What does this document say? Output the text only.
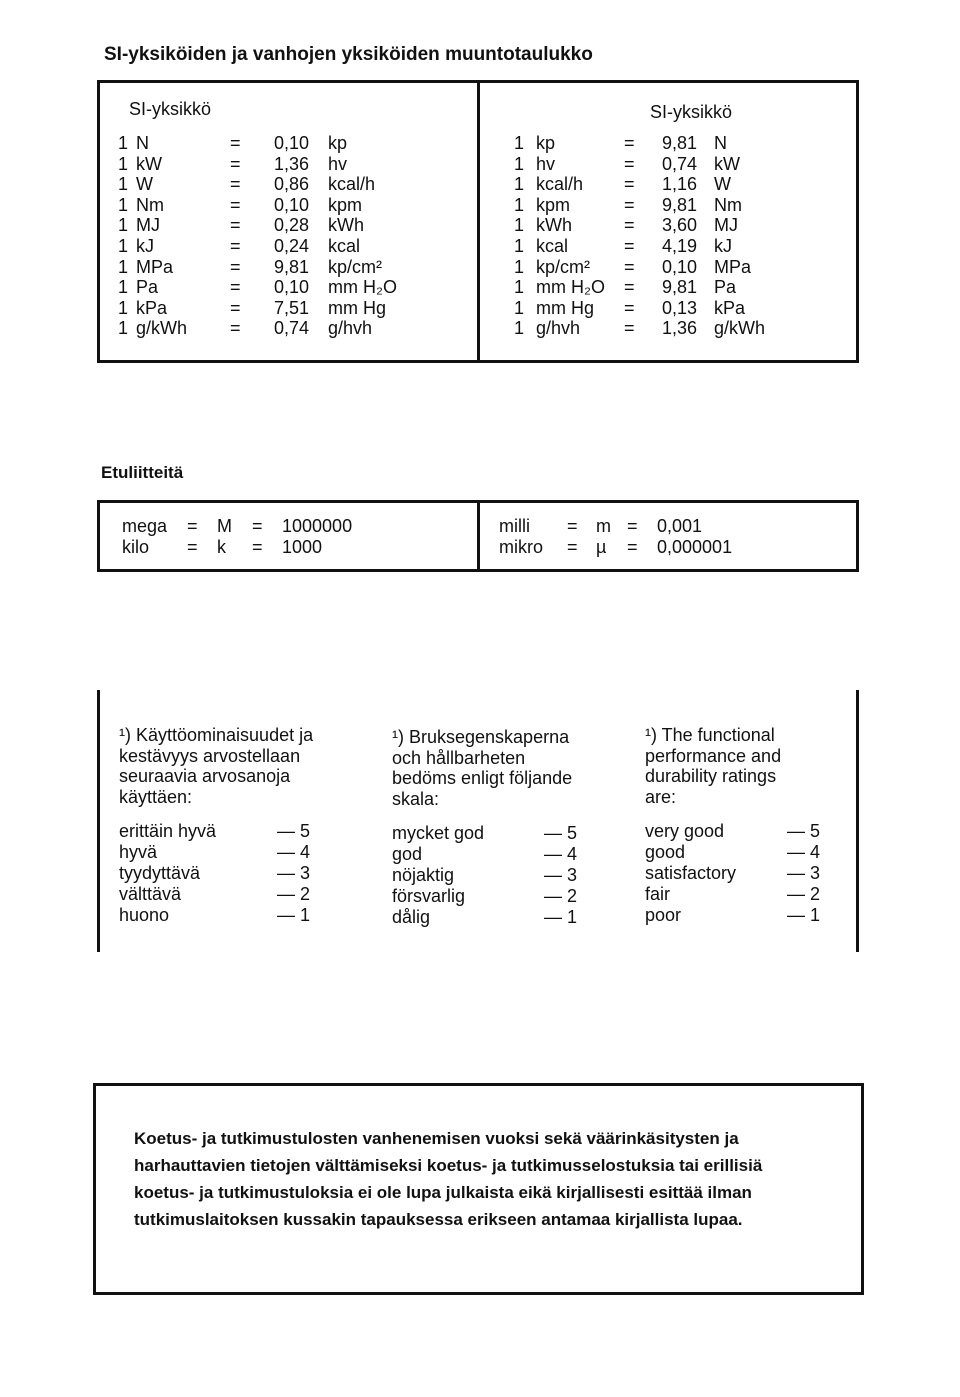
SI-yksiköiden ja vanhojen yksiköiden muuntotaulukko
SI-yksikkö	SI-yksikkö
1 N	= 0,10 kp
1 kW	= 1,36 hv
1 W	= 0,86 kcal/h
1 Nm	= 0,10 kpm
1 MJ	= 0,28 kWh
1 kJ	= 0,24 kcal
1 MPa	= 9,81 kp/cm²
1 Pa	= 0,10 mm H₂O
1 kPa	= 7,51 mm Hg
1 g/kWh = 0,74 g/hvh
1 kp	= 9,81 N
1 hv	= 0,74 kW
1 kcal/h = 1,16 W
1 kpm	= 9,81 Nm
1 kWh	= 3,60 MJ
1 kcal	= 4,19 kJ
1 kp/cm² = 0,10 MPa
1 mm H₂O = 9,81 Pa
1 mm Hg = 0,13 kPa
1 g/hvh = 1,36 g/kWh
Etuliitteitä
mega = M = 1000000
kilo = k = 1000
milli = m = 0,001
mikro = µ = 0,000001
¹) Käyttöominaisuudet ja
kestävyys arvostellaan
seuraavia arvosanoja
käyttäen:
erittäin hyvä	— 5
hyvä	— 4
tyydyttävä	— 3
välttävä	— 2
huono	— 1
¹) Bruksegenskaperna
och hållbarheten
bedöms enligt följande
skala:
mycket god	— 5
god	— 4
nöjaktig	— 3
försvarlig	— 2
dålig	— 1
¹) The functional
performance and
durability ratings
are:
very good	— 5
good	— 4
satisfactory	— 3
fair	— 2
poor	— 1
Koetus- ja tutkimustulosten vanhenemisen vuoksi sekä väärinkäsitysten ja harhauttavien tietojen välttämiseksi koetus- ja tutkimusselostuksia tai erillisiä koetus- ja tutkimustuloksia ei ole lupa julkaista eikä kirjallisesti esittää ilman tutkimuslaitoksen kussakin tapauksessa erikseen antamaa kirjallista lupaa.
